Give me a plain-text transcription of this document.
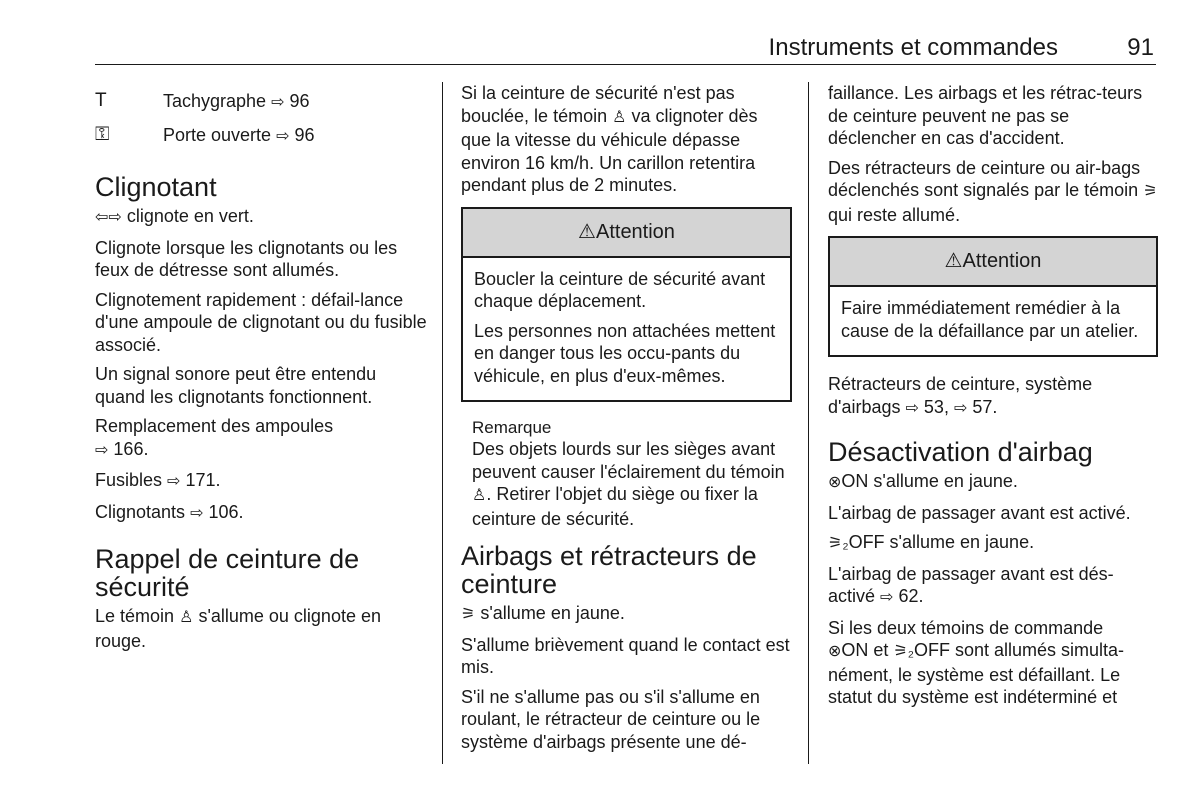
Instruments et commandes	91
T	Tachygraphe ⇨ 96
⚿	Porte ouverte ⇨ 96
Clignotant

⇦⇨ clignote en vert.

Clignote lorsque les clignotants ou les feux de détresse sont allumés.

Clignotement rapidement : défail-lance d'une ampoule de clignotant ou du fusible associé.

Un signal sonore peut être entendu quand les clignotants fonctionnent.

Remplacement des ampoules
⇨ 166.

Fusibles ⇨ 171.

Clignotants ⇨ 106.

Rappel de ceinture de sécurité

Le témoin ♙ s'allume ou clignote en rouge.

Si la ceinture de sécurité n'est pas bouclée, le témoin ♙ va clignoter dès que la vitesse du véhicule dépasse environ 16 km/h. Un carillon retentira pendant plus de 2 minutes.

⚠Attention

Boucler la ceinture de sécurité avant chaque déplacement.

Les personnes non attachées mettent en danger tous les occu-pants du véhicule, en plus d'eux-mêmes.

Remarque
Des objets lourds sur les sièges avant peuvent causer l'éclairement du témoin ♙. Retirer l'objet du siège ou fixer la ceinture de sécurité.
Airbags et rétracteurs de ceinture

⚞ s'allume en jaune.

S'allume brièvement quand le contact est mis.

S'il ne s'allume pas ou s'il s'allume en roulant, le rétracteur de ceinture ou le système d'airbags présente une dé-

faillance. Les airbags et les rétrac-teurs de ceinture peuvent ne pas se déclencher en cas d'accident.

Des rétracteurs de ceinture ou air-bags déclenchés sont signalés par le témoin ⚞ qui reste allumé.

⚠Attention

Faire immédiatement remédier à la cause de la défaillance par un atelier.

Rétracteurs de ceinture, système d'airbags ⇨ 53, ⇨ 57.

Désactivation d'airbag

⊗ON s'allume en jaune.

L'airbag de passager avant est activé.

⚞₂OFF s'allume en jaune.

L'airbag de passager avant est dés-activé ⇨ 62.

Si les deux témoins de commande
⊗ON et ⚞₂OFF sont allumés simulta-nément, le système est défaillant. Le statut du système est indéterminé et
